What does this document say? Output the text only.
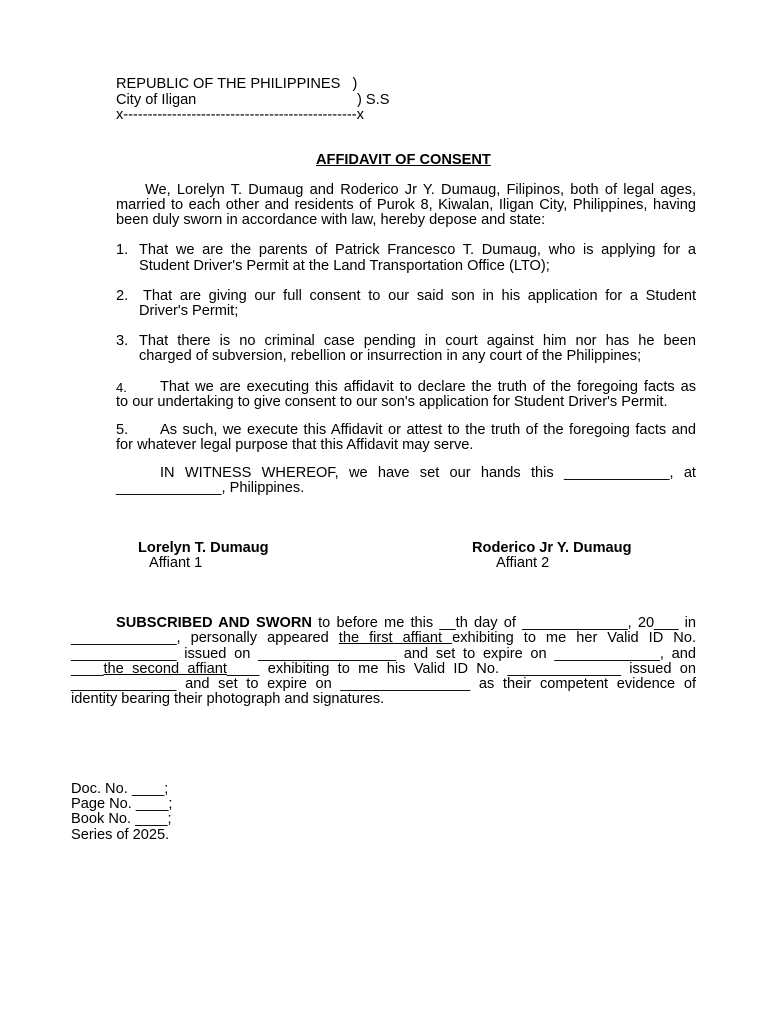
REPUBLIC OF THE PHILIPPINES   )
City of Iligan	) S.S
x------------------------------------------------x
AFFIDAVIT OF CONSENT
We, Lorelyn T. Dumaug and Roderico Jr Y. Dumaug, Filipinos, both of legal ages,
married to each other and residents of Purok 8, Kiwalan, Iligan City, Philippines, having
been duly sworn in accordance with law, hereby depose and state:
1. That we are the parents of Patrick Francesco T. Dumaug, who is applying for a
Student Driver's Permit at the Land Transportation Office (LTO);
2. That are giving our full consent to our said son in his application for a Student
Driver's Permit;
3. That there is no criminal case pending in court against him nor has he been
charged of subversion, rebellion or insurrection in any court of the Philippines;
4. That we are executing this affidavit to declare the truth of the foregoing facts as
to our undertaking to give consent to our son's application for Student Driver's Permit.
5. As such, we execute this Affidavit or attest to the truth of the foregoing facts and
for whatever legal purpose that this Affidavit may serve.
IN WITNESS WHEREOF, we have set our hands this _____________, at
_____________, Philippines.
Lorelyn T. Dumaug
Affiant 1
Roderico Jr Y. Dumaug
Affiant 2
SUBSCRIBED AND SWORN to before me this __th day of _____________, 20___ in
_____________, personally appeared the first affiant exhibiting to me her Valid ID No.
_____________ issued on _________________ and set to expire on _____________, and
____the second affiant____ exhibiting to me his Valid ID No. ______________ issued on
_____________ and set to expire on ________________ as their competent evidence of
identity bearing their photograph and signatures.
Doc. No. ____;
Page No. ____;
Book No. ____;
Series of 2025.
